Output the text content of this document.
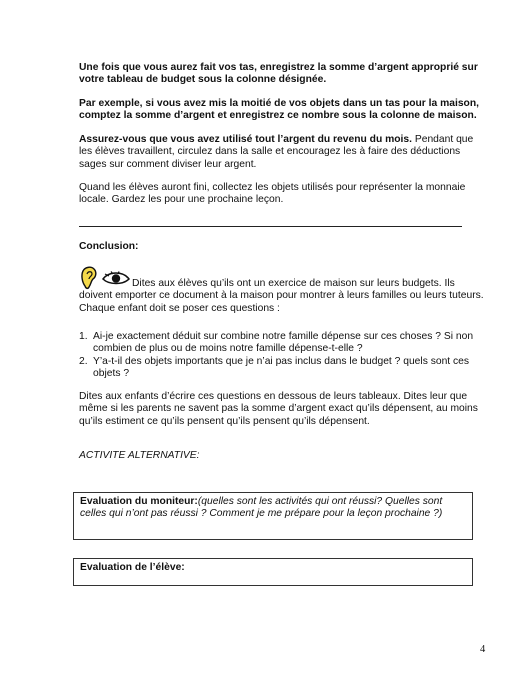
Une fois que vous aurez fait vos tas, enregistrez la somme d’argent approprié sur votre tableau de budget sous la colonne désignée.

Par exemple, si vous avez mis la moitié de vos objets dans un tas pour la maison, comptez la somme d’argent et enregistrez ce nombre sous la colonne de maison.

Assurez-vous que vous avez utilisé tout l’argent du revenu du mois. Pendant que les élèves travaillent, circulez dans la salle et encouragez les à faire des déductions sages sur comment diviser leur argent.

Quand les élèves auront fini, collectez les objets utilisés pour représenter la monnaie locale. Gardez les pour une prochaine leçon.

Conclusion:

Dites aux élèves qu’ils ont un exercice de maison sur leurs budgets. Ils doivent emporter ce document à la maison pour montrer à leurs familles ou leurs tuteurs. Chaque enfant doit se poser ces questions :

1. Ai-je exactement déduit sur combine notre famille dépense sur ces choses ? Si non combien de plus ou de moins notre famille dépense-t-elle ?
2. Y’a-t-il des objets importants que je n’ai pas inclus dans le budget ? quels sont ces objets ?

Dites aux enfants d’écrire ces questions en dessous de leurs tableaux. Dites leur que même si les parents ne savent pas la somme d’argent exact qu’ils dépensent, au moins qu’ils estiment ce qu’ils pensent qu’ils pensent qu’ils dépensent.

ACTIVITE ALTERNATIVE:

Evaluation du moniteur:(quelles sont les activités qui ont réussi? Quelles sont celles qui n’ont pas réussi ? Comment je me prépare pour la leçon prochaine ?)
Evaluation de l’élève:
4
